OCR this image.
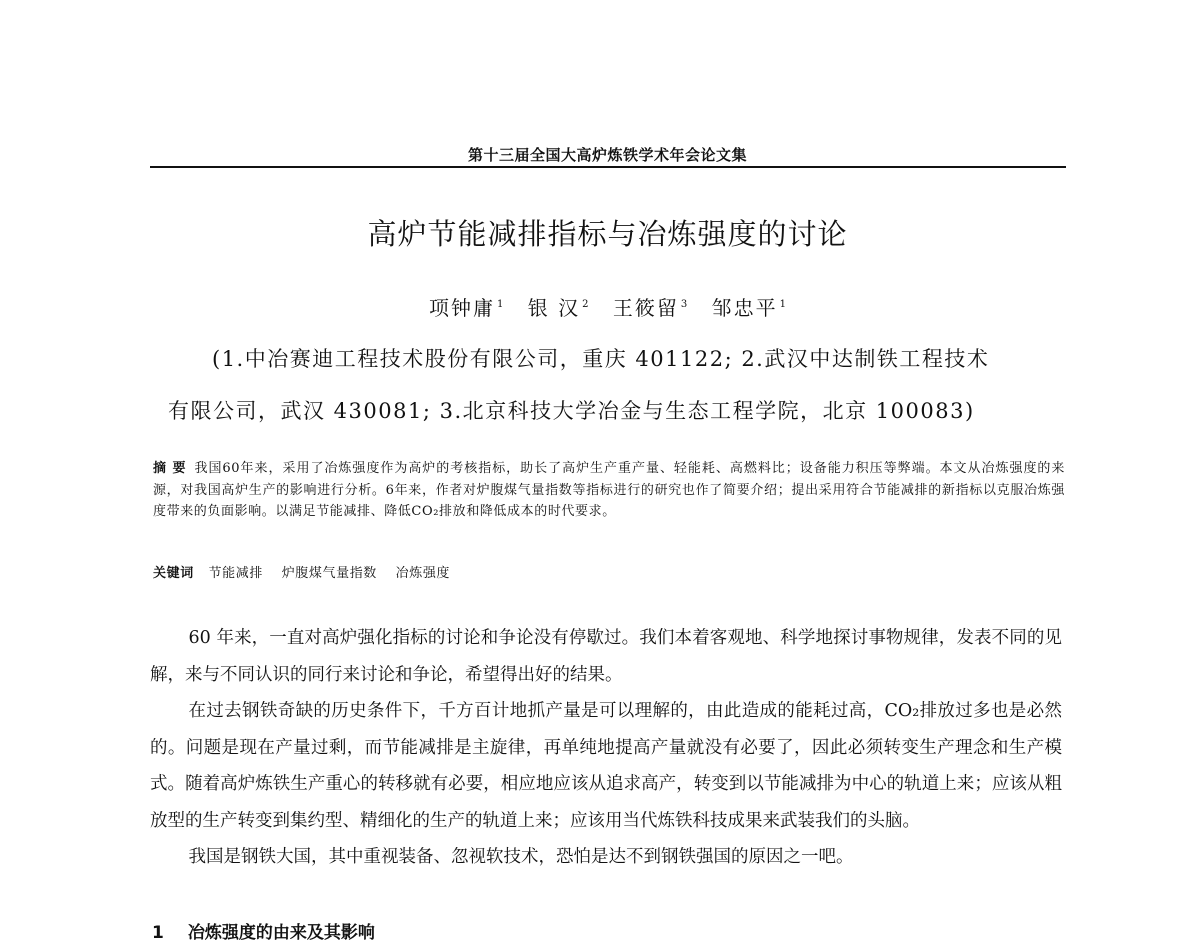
第十三届全国大高炉炼铁学术年会论文集
高炉节能减排指标与冶炼强度的讨论
项钟庸 $^1$ 银 汉 $^2$ 王筱留 $^3$ 邹忠平 $^1$
(1.中冶赛迪工程技术股份有限公司，重庆 401122; 2.武汉中达制铁工程技术
有限公司，武汉 430081; 3.北京科技大学冶金与生态工程学院，北京 100083)
摘 要 我国60年来，采用了冶炼强度作为高炉的考核指标，助长了高炉生产重产量、轻能耗、高燃料比；设备能力积压等弊端。本文从冶炼强度的来源，对我国高炉生产的影响进行分析。6年来，作者对炉腹煤气量指数等指标进行的研究也作了简要介绍；提出采用符合节能减排的新指标以克服冶炼强度带来的负面影响。以满足节能减排、降低CO₂排放和降低成本的时代要求。
关键词 节能减排 炉腹煤气量指数 冶炼强度

60 年来，一直对高炉强化指标的讨论和争论没有停歇过。我们本着客观地、科学地探讨事物规律，发表不同的见解，来与不同认识的同行来讨论和争论，希望得出好的结果。

在过去钢铁奇缺的历史条件下，千方百计地抓产量是可以理解的，由此造成的能耗过高，CO₂排放过多也是必然的。问题是现在产量过剩，而节能减排是主旋律，再单纯地提高产量就没有必要了，因此必须转变生产理念和生产模式。随着高炉炼铁生产重心的转移就有必要，相应地应该从追求高产，转变到以节能减排为中心的轨道上来；应该从粗放型的生产转变到集约型、精细化的生产的轨道上来；应该用当代炼铁科技成果来武装我们的头脑。

我国是钢铁大国，其中重视装备、忽视软技术，恐怕是达不到钢铁强国的原因之一吧。

1 冶炼强度的由来及其影响
